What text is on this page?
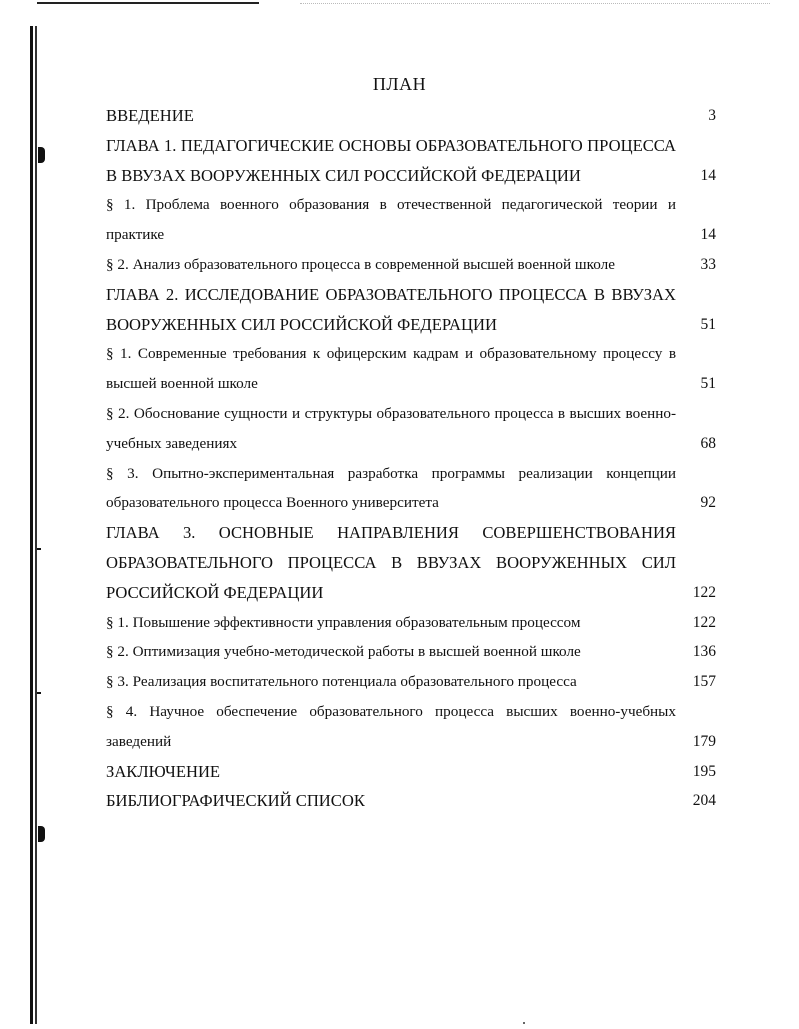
ПЛАН
ВВЕДЕНИЕ	3
ГЛАВА 1. ПЕДАГОГИЧЕСКИЕ ОСНОВЫ ОБРАЗОВАТЕЛЬНОГО ПРОЦЕССА В ВВУЗАХ ВООРУЖЕННЫХ СИЛ РОССИЙСКОЙ ФЕДЕРАЦИИ	14
§ 1. Проблема военного образования в отечественной педагогической теории и практике	14
§ 2. Анализ образовательного процесса в современной высшей военной школе	33
ГЛАВА 2. ИССЛЕДОВАНИЕ ОБРАЗОВАТЕЛЬНОГО ПРОЦЕССА В ВВУЗАХ ВООРУЖЕННЫХ СИЛ РОССИЙСКОЙ ФЕДЕРАЦИИ	51
§ 1. Современные требования к офицерским кадрам и образовательному процессу в высшей военной школе	51
§ 2. Обоснование сущности и структуры образовательного процесса в высших военно-учебных заведениях	68
§ 3. Опытно-экспериментальная разработка программы реализации концепции образовательного процесса Военного университета	92
ГЛАВА 3. ОСНОВНЫЕ НАПРАВЛЕНИЯ СОВЕРШЕНСТВОВАНИЯ ОБРАЗОВАТЕЛЬНОГО ПРОЦЕССА В ВВУЗАХ ВООРУЖЕННЫХ СИЛ РОССИЙСКОЙ ФЕДЕРАЦИИ	122
§ 1. Повышение эффективности управления образовательным процессом	122
§ 2. Оптимизация учебно-методической работы в высшей военной школе	136
§ 3. Реализация воспитательного потенциала образовательного процесса	157
§ 4. Научное обеспечение образовательного процесса высших военно-учебных заведений	179
ЗАКЛЮЧЕНИЕ	195
БИБЛИОГРАФИЧЕСКИЙ СПИСОК	204
